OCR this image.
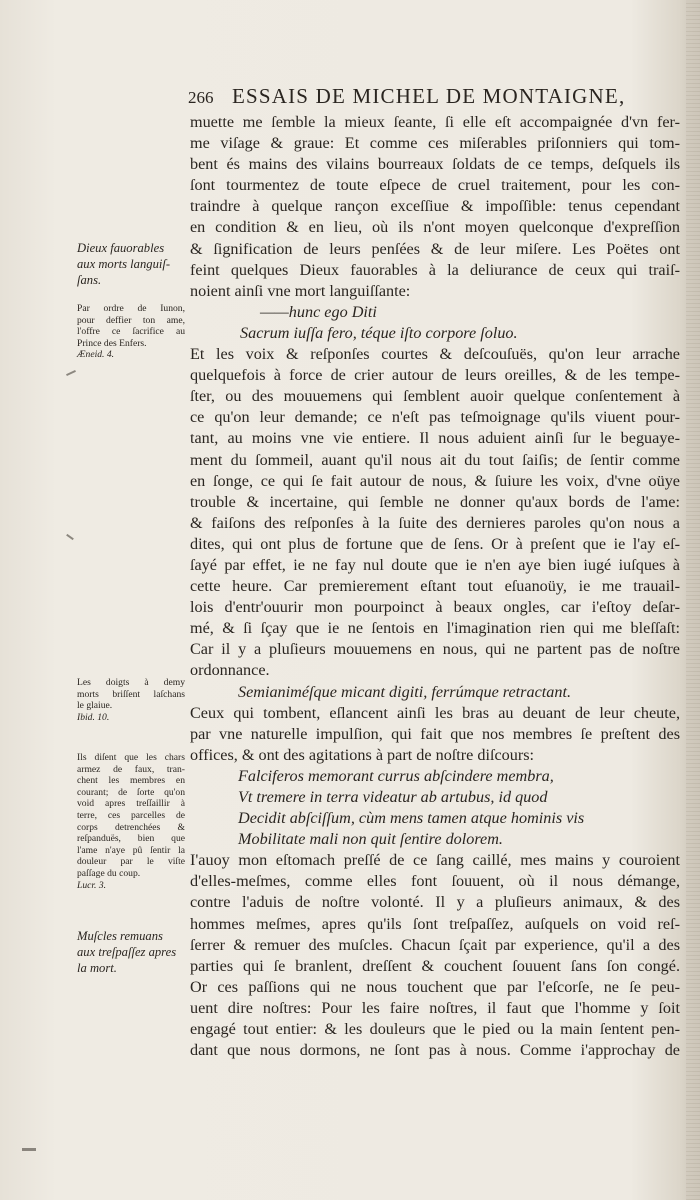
266 ESSAIS DE MICHEL DE MONTAIGNE,
muette me ſemble la mieux ſeante, ſi elle eſt accompaignée d'vn fer-
me viſage & graue: Et comme ces miſerables priſonniers qui tom-
bent és mains des vilains bourreaux ſoldats de ce temps, deſquels ils
ſont tourmentez de toute eſpece de cruel traitement, pour les con-
traindre à quelque rançon exceſſiue & impoſſible: tenus cependant
en condition & en lieu, où ils n'ont moyen quelconque d'expreſſion
& ſignification de leurs penſées & de leur miſere. Les Poëtes ont
feint quelques Dieux fauorables à la deliurance de ceux qui traiſ-
noient ainſi vne mort languiſſante:
——hunc ego Diti
Sacrum iuſſa fero, téque iſto corpore ſoluo.
Et les voix & reſponſes courtes & deſcouſuës, qu'on leur arrache
quelquefois à force de crier autour de leurs oreilles, & de les tempe-
ſter, ou des mouuemens qui ſemblent auoir quelque conſentement à
ce qu'on leur demande; ce n'eſt pas teſmoignage qu'ils viuent pour-
tant, au moins vne vie entiere. Il nous aduient ainſi ſur le beguaye-
ment du ſommeil, auant qu'il nous ait du tout ſaiſis; de ſentir comme
en ſonge, ce qui ſe fait autour de nous, & ſuiure les voix, d'vne oüye
trouble & incertaine, qui ſemble ne donner qu'aux bords de l'ame:
& faiſons des reſponſes à la ſuite des dernieres paroles qu'on nous a
dites, qui ont plus de fortune que de ſens. Or à preſent que ie l'ay eſ-
ſayé par effet, ie ne fay nul doute que ie n'en aye bien iugé iuſques à
cette heure. Car premierement eſtant tout eſuanoüy, ie me trauail-
lois d'entr'ouurir mon pourpoinct à beaux ongles, car i'eſtoy deſar-
mé, & ſi ſçay que ie ne ſentois en l'imagination rien qui me bleſſaſt:
Car il y a pluſieurs mouuemens en nous, qui ne partent pas de noſtre
ordonnance.
Semianiméſque micant digiti, ferrúmque retractant.
Ceux qui tombent, eſlancent ainſi les bras au deuant de leur cheute,
par vne naturelle impulſion, qui fait que nos membres ſe preſtent des
offices, & ont des agitations à part de noſtre diſcours:
Falciferos memorant currus abſcindere membra,
Vt tremere in terra videatur ab artubus, id quod
Decidit abſciſſum, cùm mens tamen atque hominis vis
Mobilitate mali non quit ſentire dolorem.
I'auoy mon eſtomach preſſé de ce ſang caillé, mes mains y couroient
d'elles-meſmes, comme elles font ſouuent, où il nous démange,
contre l'aduis de noſtre volonté. Il y a pluſieurs animaux, & des
hommes meſmes, apres qu'ils ſont treſpaſſez, auſquels on void reſ-
ſerrer & remuer des muſcles. Chacun ſçait par experience, qu'il a des
parties qui ſe branlent, dreſſent & couchent ſouuent ſans ſon congé.
Or ces paſſions qui ne nous touchent que par l'eſcorſe, ne ſe peu-
uent dire noſtres: Pour les faire noſtres, il faut que l'homme y ſoit
engagé tout entier: & les douleurs que le pied ou la main ſentent pen-
dant que nous dormons, ne ſont pas à nous. Comme i'approchay de
Dieux fauorables
aux morts languiſ-
ſans.
Par ordre de Iunon,
pour deffier ton ame,
l'offre ce ſacrifice au
Prince des Enfers.
Æneid. 4.
Les doigts à demy
morts briſſent laſchans
le glaiue.
Ibid. 10.
Ils diſent que les chars
armez de faux, tran-
chent les membres en
courant; de ſorte qu'on
void apres treſſaillir à
terre, ces parcelles de
corps detrenchées &
reſpanduës, bien que
l'ame n'aye pû ſentir la
douleur par le viſte
paſſage du coup.
Lucr. 3.
Muſcles remuans
aux treſpaſſez apres
la mort.
